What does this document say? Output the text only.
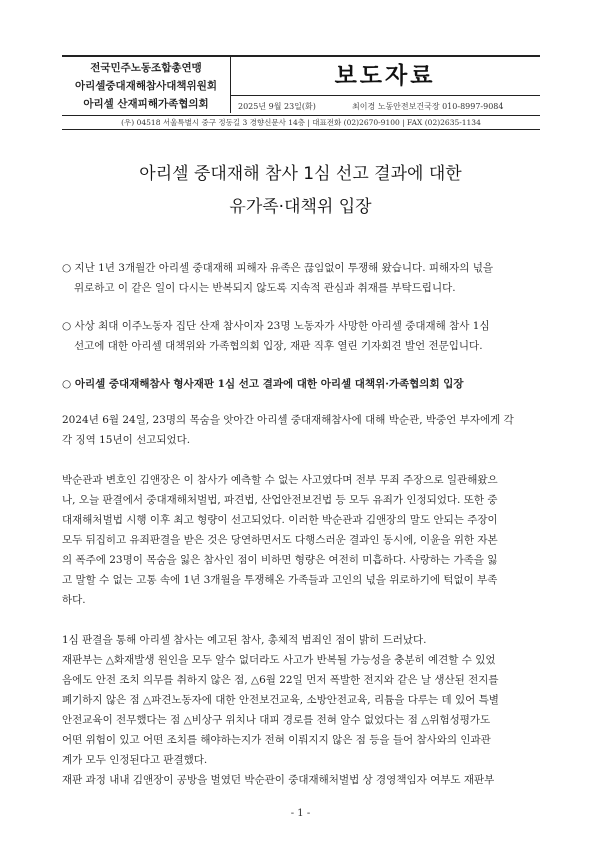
전국민주노동조합총연맹
아리셀중대재해참사대책위원회
아리셀 산재피해가족협의회
보도자료
2025년 9월 23일(화)	최이경 노동안전보건국장 010-8997-9084
(우) 04518 서울특별시 중구 정동길 3 경향신문사 14층 | 대표전화 (02)2670-9100 | FAX (02)2635-1134
아리셀 중대재해 참사 1심 선고 결과에 대한
유가족·대책위 입장
○ 지난 1년 3개월간 아리셀 중대재해 피해자 유족은 끊임없이 투쟁해 왔습니다. 피해자의 넋을
위로하고 이 같은 일이 다시는 반복되지 않도록 지속적 관심과 취재를 부탁드립니다.
○ 사상 최대 이주노동자 집단 산재 참사이자 23명 노동자가 사망한 아리셀 중대재해 참사 1심
선고에 대한 아리셀 대책위와 가족협의회 입장, 재판 직후 열린 기자회견 발언 전문입니다.
○ 아리셀 중대재해참사 형사재판 1심 선고 결과에 대한 아리셀 대책위·가족협의회 입장
2024년 6월 24일, 23명의 목숨을 앗아간 아리셀 중대재해참사에 대해 박순관, 박중언 부자에게 각
각 징역 15년이 선고되었다.
박순관과 변호인 김앤장은 이 참사가 예측할 수 없는 사고였다며 전부 무죄 주장으로 일관해왔으
나, 오늘 판결에서 중대재해처벌법, 파견법, 산업안전보건법 등 모두 유죄가 인정되었다. 또한 중
대재해처벌법 시행 이후 최고 형량이 선고되었다. 이러한 박순관과 김앤장의 말도 안되는 주장이
모두 뒤집히고 유죄판결을 받은 것은 당연하면서도 다행스러운 결과인 동시에, 이윤을 위한 자본
의 폭주에 23명이 목숨을 잃은 참사인 점이 비하면 형량은 여전히 미흡하다. 사랑하는 가족을 잃
고 말할 수 없는 고통 속에 1년 3개월을 투쟁해온 가족들과 고인의 넋을 위로하기에 턱없이 부족
하다.
1심 판결을 통해 아리셀 참사는 예고된 참사, 총체적 범죄인 점이 밝히 드러났다.
재판부는 △화재발생 원인을 모두 알수 없더라도 사고가 반복될 가능성을 충분히 예견할 수 있었
음에도 안전 조치 의무를 취하지 않은 점, △6월 22일 먼저 폭발한 전지와 같은 날 생산된 전지를
폐기하지 않은 점 △파견노동자에 대한 안전보건교육, 소방안전교육, 리튬을 다루는 데 있어 특별
안전교육이 전무했다는 점 △비상구 위치나 대피 경로를 전혀 알수 없었다는 점 △위험성평가도
어떤 위험이 있고 어떤 조치를 해야하는지가 전혀 이뤄지지 않은 점 등을 들어 참사와의 인과관
계가 모두 인정된다고 판결했다.
재판 과정 내내 김앤장이 공방을 벌였던 박순관이 중대재해처벌법 상 경영책임자 여부도 재판부
- 1 -
